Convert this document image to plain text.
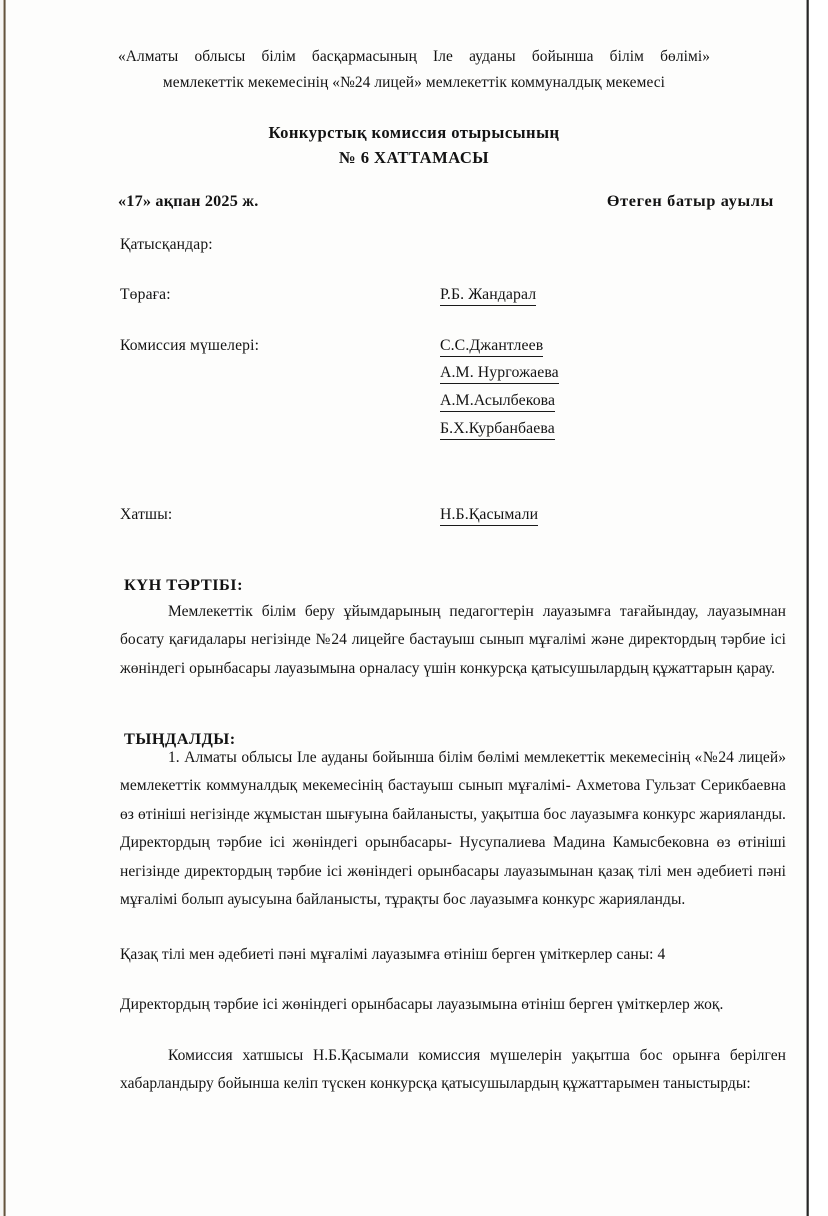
«Алматы облысы білім басқармасының Іле ауданы бойынша білім бөлімі»
мемлекеттік мекемесінің «№24 лицей» мемлекеттік коммуналдық мекемесі
Конкурстық комиссия отырысының
№ 6 ХАТТАМАСЫ
«17» ақпан 2025 ж.	Өтеген батыр ауылы
Қатысқандар:
Төраға:	Р.Б. Жандарал
Комиссия мүшелері:	С.С.Джантлеев
А.М. Нургожаева
А.М.Асылбекова
Б.Х.Курбанбаева
Хатшы:	Н.Б.Қасымали
КҮН ТӘРТІБІ:
Мемлекеттік білім беру ұйымдарының педагогтерін лауазымға тағайындау, лауазымнан босату қағидалары негізінде №24 лицейге бастауыш сынып мұғалімі және директордың тәрбие ісі жөніндегі орынбасары лауазымына орналасу үшін конкурсқа қатысушылардың құжаттарын қарау.
ТЫҢДАЛДЫ:
1. Алматы облысы Іле ауданы бойынша білім бөлімі мемлекеттік мекемесінің «№24 лицей» мемлекеттік коммуналдық мекемесінің бастауыш сынып мұғалімі- Ахметова Гульзат Серикбаевна өз өтініші негізінде жұмыстан шығуына байланысты, уақытша бос лауазымға конкурс жарияланды. Директордың тәрбие ісі жөніндегі орынбасары- Нусупалиева Мадина Камысбековна өз өтініші негізінде директордың тәрбие ісі жөніндегі орынбасары лауазымынан қазақ тілі мен әдебиеті пәні мұғалімі болып ауысуына байланысты, тұрақты бос лауазымға конкурс жарияланды.
Қазақ тілі мен әдебиеті пәні мұғалімі лауазымға өтініш берген үміткерлер саны: 4
Директордың тәрбие ісі жөніндегі орынбасары лауазымына өтініш берген үміткерлер жоқ.
Комиссия хатшысы Н.Б.Қасымали комиссия мүшелерін уақытша бос орынға берілген хабарландыру бойынша келіп түскен конкурсқа қатысушылардың құжаттарымен таныстырды:
